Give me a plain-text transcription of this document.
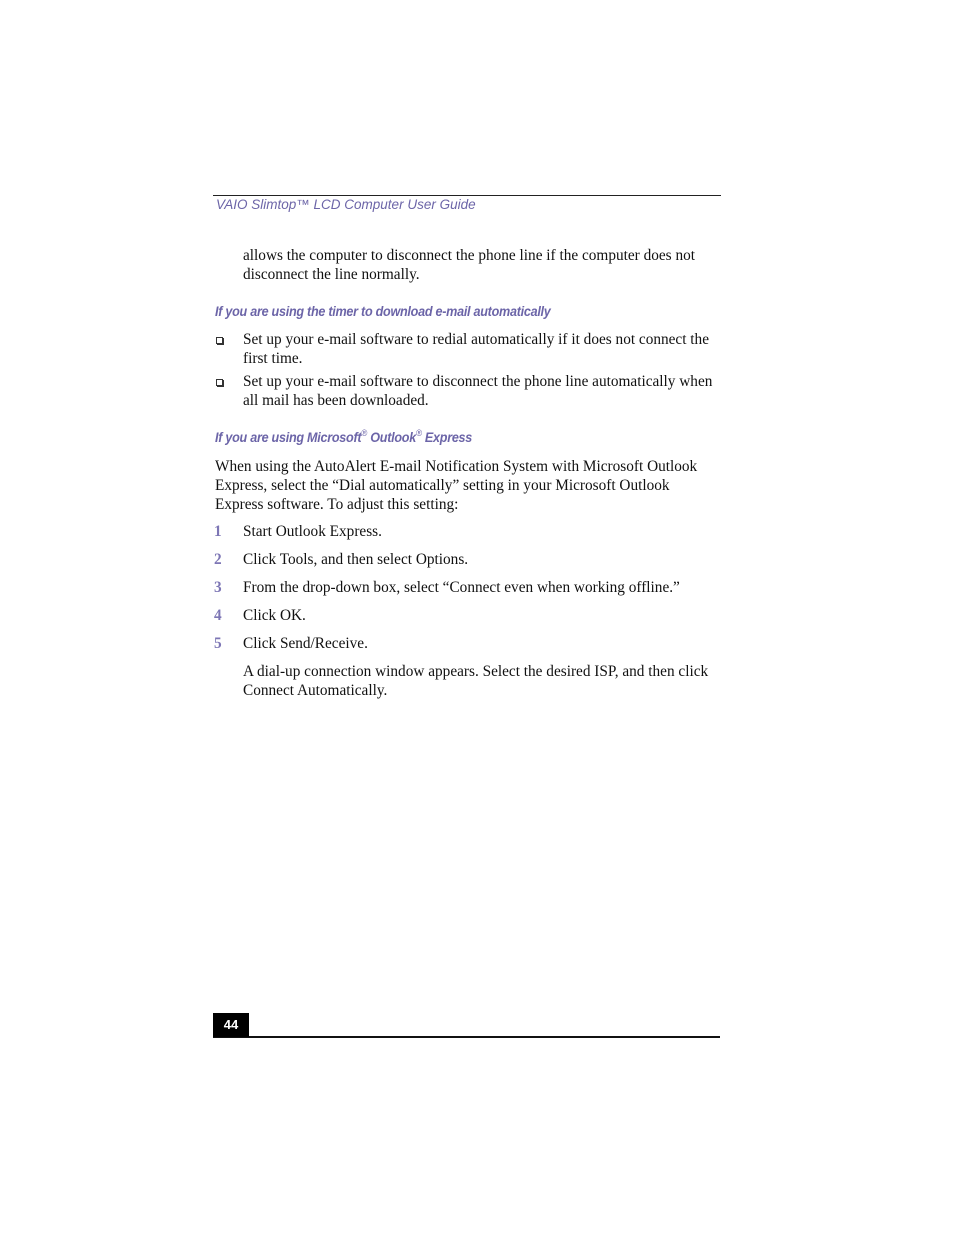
VAIO Slimtop™ LCD Computer User Guide
allows the computer to disconnect the phone line if the computer does not disconnect the line normally.
If you are using the timer to download e-mail automatically
Set up your e-mail software to redial automatically if it does not connect the first time.
Set up your e-mail software to disconnect the phone line automatically when all mail has been downloaded.
If you are using Microsoft® Outlook® Express
When using the AutoAlert E-mail Notification System with Microsoft Outlook Express, select the “Dial automatically” setting in your Microsoft Outlook Express software. To adjust this setting:
1 Start Outlook Express.
2 Click Tools, and then select Options.
3 From the drop-down box, select “Connect even when working offline.”
4 Click OK.
5 Click Send/Receive.
A dial-up connection window appears. Select the desired ISP, and then click Connect Automatically.
44
